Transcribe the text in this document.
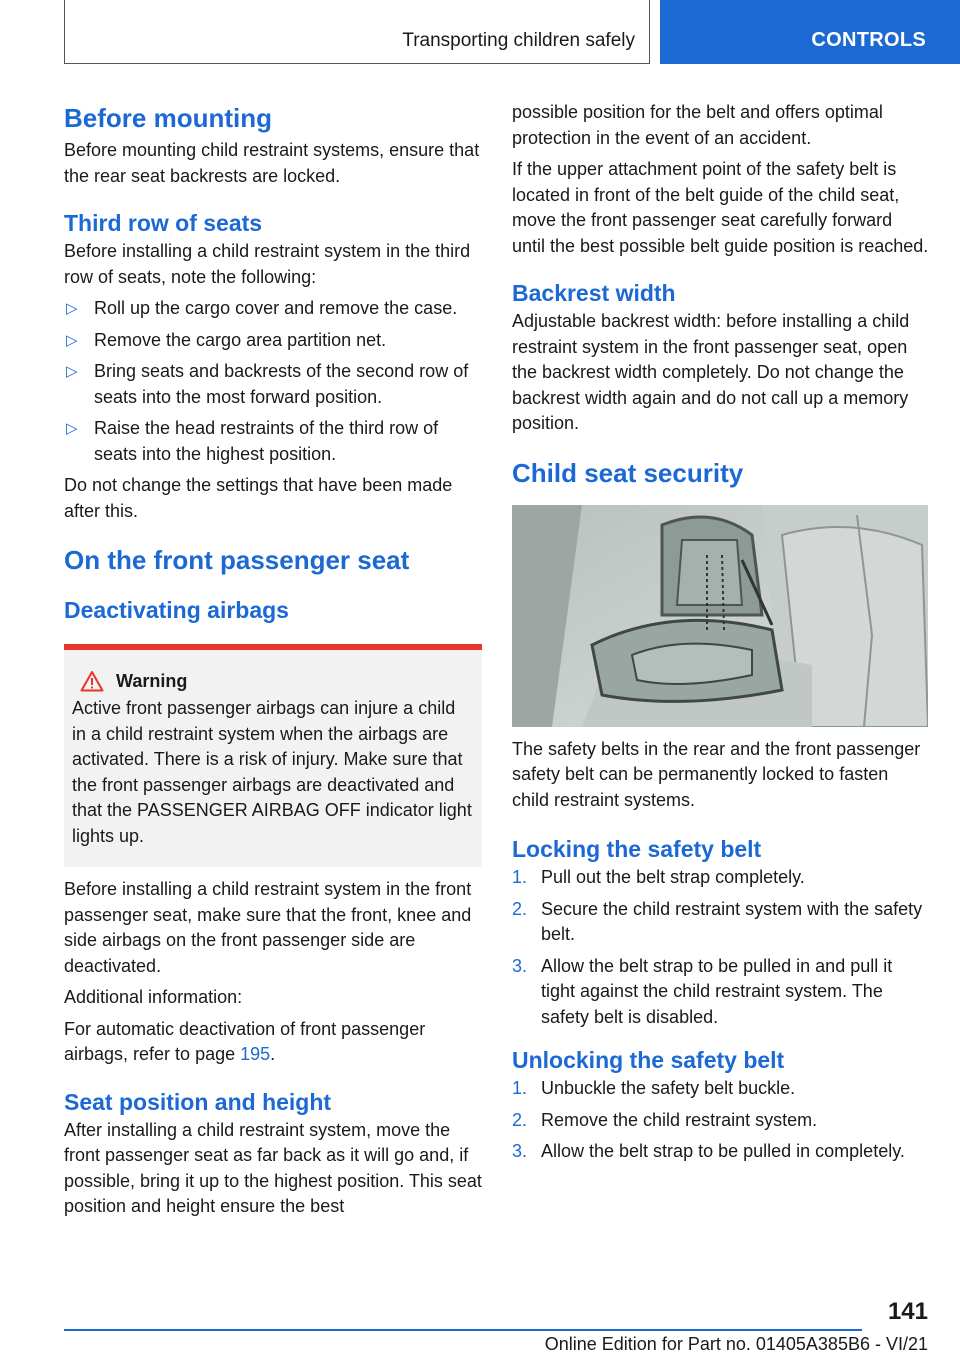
Transporting children safely	CONTROLS
Before mounting

Before mounting child restraint systems, ensure that the rear seat backrests are locked.

Third row of seats

Before installing a child restraint system in the third row of seats, note the following:

▷ Roll up the cargo cover and remove the case.
▷ Remove the cargo area partition net.
▷ Bring seats and backrests of the second row of seats into the most forward position.
▷ Raise the head restraints of the third row of seats into the highest position.

Do not change the settings that have been made after this.

On the front passenger seat
Deactivating airbags
Warning

Active front passenger airbags can injure a child in a child restraint system when the airbags are activated. There is a risk of injury. Make sure that the front passenger airbags are deactivated and that the PASSENGER AIRBAG OFF indicator light lights up.

Before installing a child restraint system in the front passenger seat, make sure that the front, knee and side airbags on the front passenger side are deactivated.

Additional information:

For automatic deactivation of front passenger airbags, refer to page 195.

Seat position and height

After installing a child restraint system, move the front passenger seat as far back as it will go and, if possible, bring it up to the highest position. This seat position and height ensure the best

possible position for the belt and offers optimal protection in the event of an accident.

If the upper attachment point of the safety belt is located in front of the belt guide of the child seat, move the front passenger seat carefully forward until the best possible belt guide position is reached.

Backrest width

Adjustable backrest width: before installing a child restraint system in the front passenger seat, open the backrest width completely. Do not change the backrest width again and do not call up a memory position.

Child seat security

The safety belts in the rear and the front passenger safety belt can be permanently locked to fasten child restraint systems.

Locking the safety belt
1. Pull out the belt strap completely.
2. Secure the child restraint system with the safety belt.
3. Allow the belt strap to be pulled in and pull it tight against the child restraint system. The safety belt is disabled.
Unlocking the safety belt
1. Unbuckle the safety belt buckle.
2. Remove the child restraint system.
3. Allow the belt strap to be pulled in completely.
141
Online Edition for Part no. 01405A385B6 - VI/21
